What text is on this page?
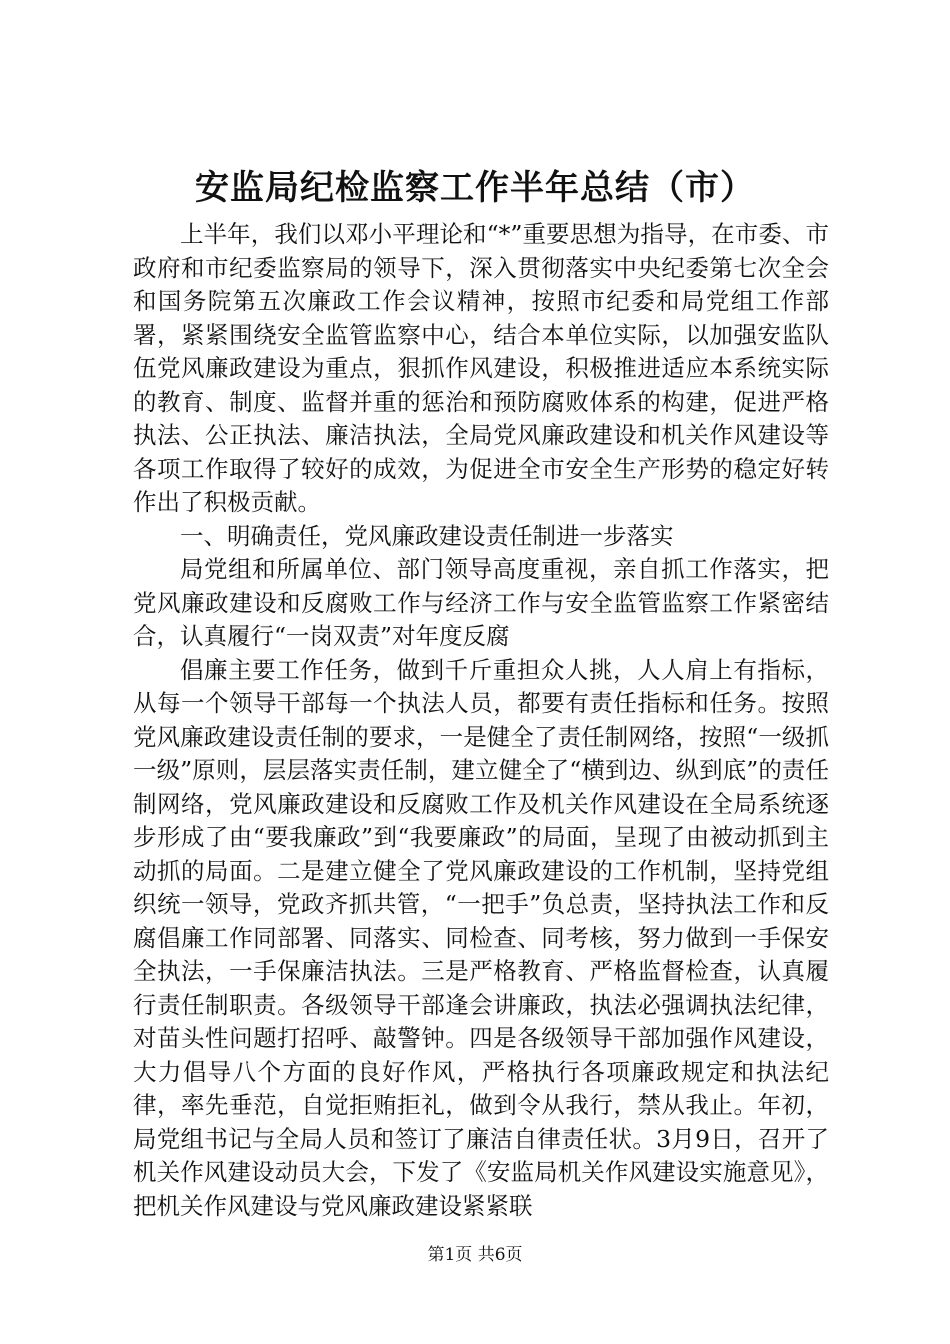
安监局纪检监察工作半年总结（市）

上半年，我们以邓小平理论和“*”重要思想为指导，在市委、市政府和市纪委监察局的领导下，深入贯彻落实中央纪委第七次全会和国务院第五次廉政工作会议精神，按照市纪委和局党组工作部署，紧紧围绕安全监管监察中心，结合本单位实际，以加强安监队伍党风廉政建设为重点，狠抓作风建设，积极推进适应本系统实际的教育、制度、监督并重的惩治和预防腐败体系的构建，促进严格执法、公正执法、廉洁执法，全局党风廉政建设和机关作风建设等各项工作取得了较好的成效，为促进全市安全生产形势的稳定好转作出了积极贡献。

一、明确责任，党风廉政建设责任制进一步落实

局党组和所属单位、部门领导高度重视，亲自抓工作落实，把党风廉政建设和反腐败工作与经济工作与安全监管监察工作紧密结合，认真履行“一岗双责”对年度反腐

倡廉主要工作任务，做到千斤重担众人挑，人人肩上有指标，从每一个领导干部每一个执法人员，都要有责任指标和任务。按照党风廉政建设责任制的要求，一是健全了责任制网络，按照“一级抓一级”原则，层层落实责任制，建立健全了“横到边、纵到底”的责任制网络，党风廉政建设和反腐败工作及机关作风建设在全局系统逐步形成了由“要我廉政”到“我要廉政”的局面，呈现了由被动抓到主动抓的局面。二是建立健全了党风廉政建设的工作机制，坚持党组织统一领导，党政齐抓共管，“一把手”负总责，坚持执法工作和反腐倡廉工作同部署、同落实、同检查、同考核，努力做到一手保安全执法，一手保廉洁执法。三是严格教育、严格监督检查，认真履行责任制职责。各级领导干部逢会讲廉政，执法必强调执法纪律，对苗头性问题打招呼、敲警钟。四是各级领导干部加强作风建设，大力倡导八个方面的良好作风，严格执行各项廉政规定和执法纪律，率先垂范，自觉拒贿拒礼，做到令从我行，禁从我止。年初，局党组书记与全局人员和签订了廉洁自律责任状。3月9日，召开了机关作风建设动员大会，下发了《安监局机关作风建设实施意见》，把机关作风建设与党风廉政建设紧紧联

第1页 共6页
